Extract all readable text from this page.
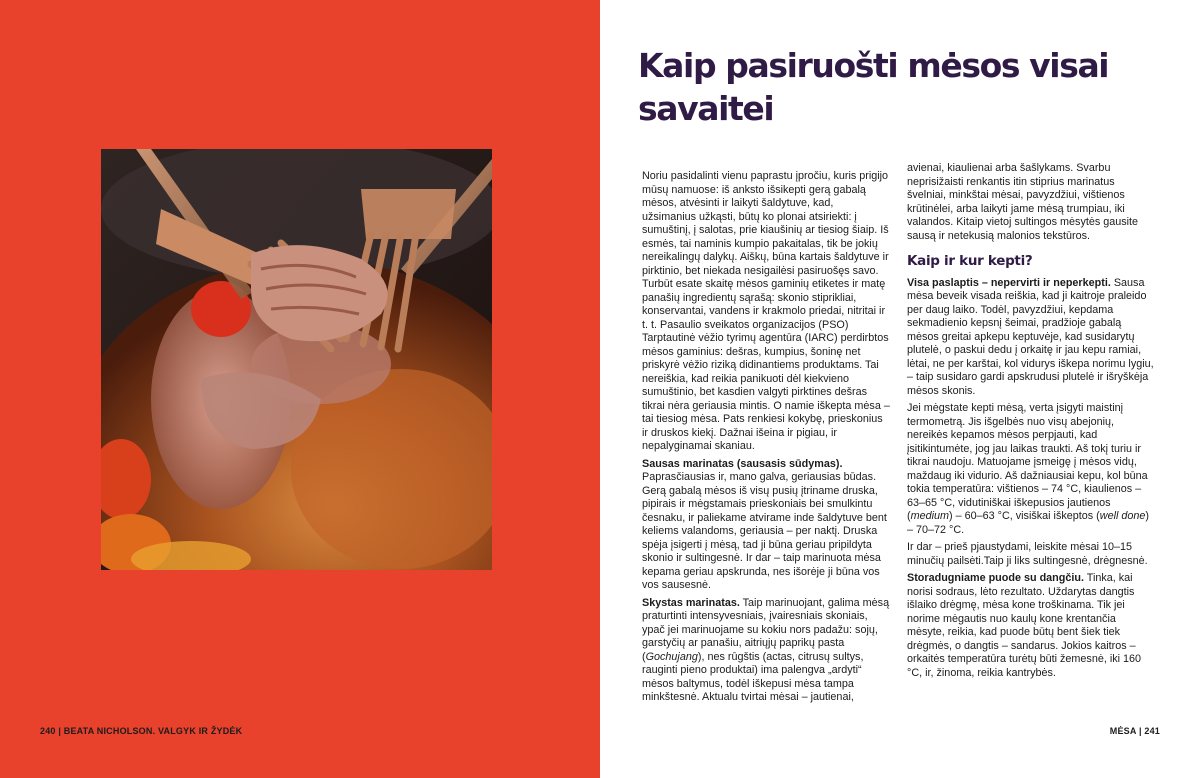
240 | BEATA NICHOLSON. VALGYK IR ŽYDĖK
Kaip pasiruošti mėsos visai savaitei

Noriu pasidalinti vienu paprastu įpročiu, kuris prigijo mūsų namuose: iš anksto išsikepti gerą gabalą mėsos, atvėsinti ir laikyti šaldytuve, kad, užsimanius užkąsti, būtų ko plonai atsiriekti: į sumuštinį, į salotas, prie kiaušinių ar tiesiog šiaip. Iš esmės, tai naminis kumpio pakaitalas, tik be jokių nereikalingų dalykų. Aiškų, būna kartais šaldytuve ir pirktinio, bet niekada nesigailėsi pasiruošęs savo. Turbūt esate skaitę mėsos gaminių etiketes ir matę panašių ingredientų sąrašą: skonio stiprikliai, konservantai, vandens ir krakmolo priedai, nitritai ir t. t. Pasaulio sveikatos organizacijos (PSO) Tarptautinė vėžio tyrimų agentūra (IARC) perdirbtos mėsos gaminius: dešras, kumpius, šoninę net priskyrė vėžio riziką didinantiems produktams. Tai nereiškia, kad reikia panikuoti dėl kiekvieno sumuštinio, bet kasdien valgyti pirktines dešras tikrai nėra geriausia mintis. O namie iškepta mėsa – tai tiesiog mėsa. Pats renkiesi kokybę, prieskonius ir druskos kiekį. Dažnai išeina ir pigiau, ir nepalyginamai skaniau.

Sausas marinatas (sausasis sūdymas).
Paprasčiausias ir, mano galva, geriausias būdas. Gerą gabalą mėsos iš visų pusių įtriname druska, pipirais ir mėgstamais prieskoniais bei smulkintu česnaku, ir paliekame atvirame inde šaldytuve bent keliems valandoms, geriausia – per naktį. Druska spėja įsigerti į mėsą, tad ji būna geriau pripildyta skonio ir sultingesnė. Ir dar – taip marinuota mėsa kepama geriau apskrunda, nes išorėje ji būna vos vos sausesnė.

Skystas marinatas. Taip marinuojant, galima mėsą praturtinti intensyvesniais, įvairesniais skoniais, ypač jei marinuojame su kokiu nors padažu: sojų, garstyčių ar panašiu, aitriųjų paprikų pasta (Gochujang), nes rūgštis (actas, citrusų sultys, rauginti pieno produktai) ima palengva „ardyti“ mėsos baltymus, todėl iškepusi mėsa tampa minkštesnė. Aktualu tvirtai mėsai – jautienai,

avienai, kiaulienai arba šašlykams. Svarbu neprisižaisti renkantis itin stiprius marinatus švelniai, minkštai mėsai, pavyzdžiui, vištienos krūtinėlei, arba laikyti jame mėsą trumpiau, iki valandos. Kitaip vietoj sultingos mėsytės gausite sausą ir netekusią malonios tekstūros.

Kaip ir kur kepti?

Visa paslaptis – nepervirti ir neperkepti. Sausa mėsa beveik visada reiškia, kad ji kaitroje praleido per daug laiko. Todėl, pavyzdžiui, kepdama sekmadienio kepsnį šeimai, pradžioje gabalą mėsos greitai apkepu keptuvėje, kad susidarytų plutelė, o paskui dedu į orkaitę ir jau kepu ramiai, lėtai, ne per karštai, kol vidurys iškepa norimu lygiu, – taip susidaro gardi apskrudusi plutelė ir išryškėja mėsos skonis.

Jei mėgstate kepti mėsą, verta įsigyti maistinį termometrą. Jis išgelbės nuo visų abejonių, nereikės kepamos mėsos perpjauti, kad įsitikintumėte, jog jau laikas traukti. Aš tokį turiu ir tikrai naudoju. Matuojame įsmeigę į mėsos vidų, maždaug iki vidurio. Aš dažniausiai kepu, kol būna tokia temperatūra: vištienos – 74 °C, kiaulienos – 63–65 °C, vidutiniškai iškepusios jautienos (medium) – 60–63 °C, visiškai iškeptos (well done) – 70–72 °C.

Ir dar – prieš pjaustydami, leiskite mėsai 10–15 minučių pailsėti.Taip ji liks sultingesnė, drėgnesnė.

Storadugniame puode su dangčiu. Tinka, kai norisi sodraus, lėto rezultato. Uždarytas dangtis išlaiko drėgmę, mėsa kone troškinama. Tik jei norime mėgautis nuo kaulų kone krentančia mėsyte, reikia, kad puode būtų bent šiek tiek drėgmės, o dangtis – sandarus. Jokios kaitros – orkaitės temperatūra turėtų būti žemesnė, iki 160 °C, ir, žinoma, reikia kantrybės.

MĖSA | 241
